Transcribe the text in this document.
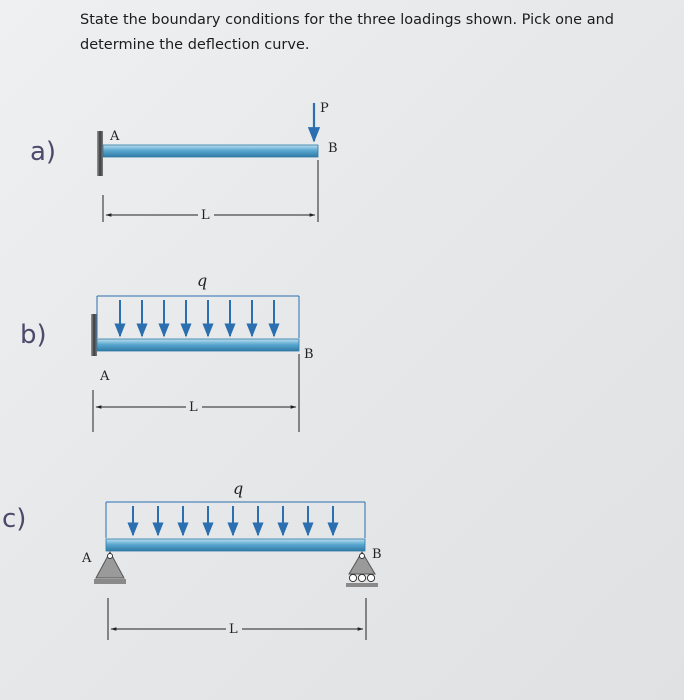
State the boundary conditions for the three loadings shown. Pick one and determine the deflection curve.
a)
b)
c)
A
B
P
L
A
B
q
L
A	B
q
L
